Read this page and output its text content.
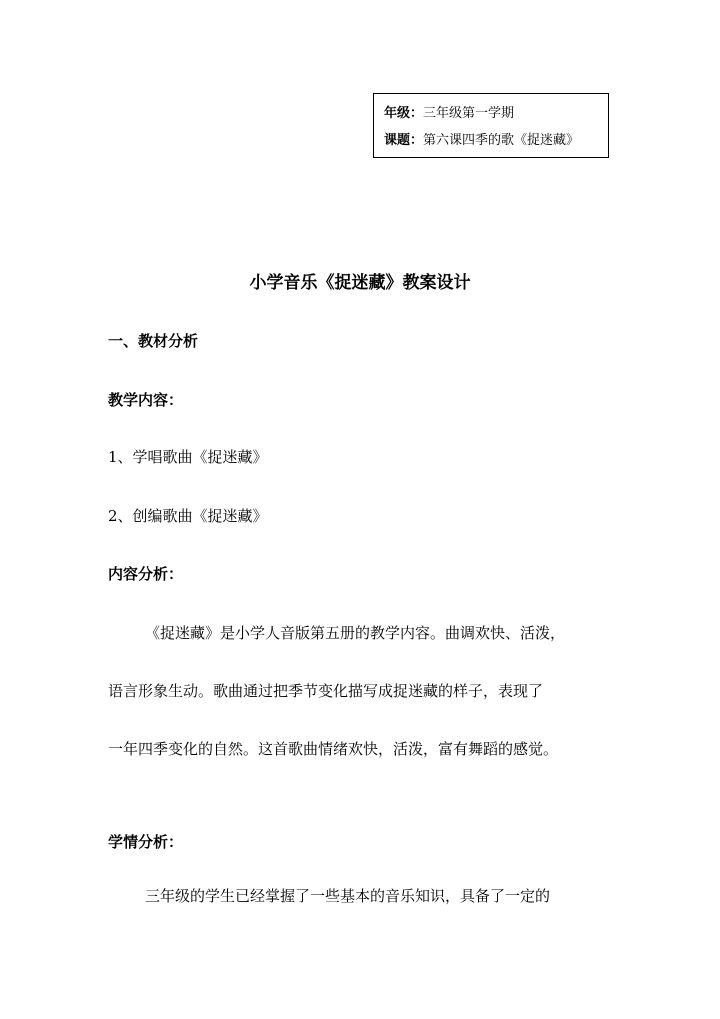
年级：三年级第一学期
课题：第六课四季的歌《捉迷藏》
小学音乐《捉迷藏》教案设计
一、教材分析
教学内容：
1、学唱歌曲《捉迷藏》
2、创编歌曲《捉迷藏》
内容分析：
《捉迷藏》是小学人音版第五册的教学内容。曲调欢快、活泼，
语言形象生动。歌曲通过把季节变化描写成捉迷藏的样子，表现了
一年四季变化的自然。这首歌曲情绪欢快，活泼，富有舞蹈的感觉。
学情分析：
三年级的学生已经掌握了一些基本的音乐知识，具备了一定的
